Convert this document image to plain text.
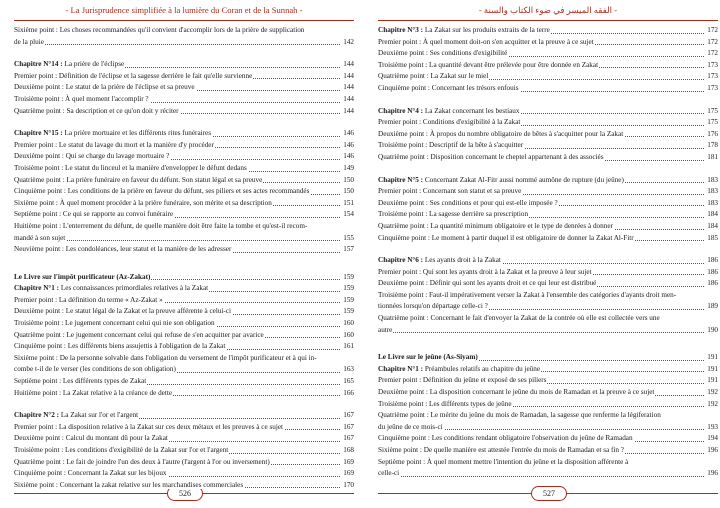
- La Jurisprudence simplifiée à la lumière du Coran et de la Sunnah -
Sixième point : Les choses recommandées qu'il convient d'accomplir lors de la prière de supplication
de la pluie	142
Chapitre N°14 : La prière de l'éclipse	144
Premier point : Définition de l'éclipse et la sagesse derrière le fait qu'elle survienne	144
Deuxième point : Le statut de la prière de l'éclipse et sa preuve	144
Troisième point : À quel moment l'accomplir ?	144
Quatrième point : Sa description et ce qu'on doit y réciter	144
Chapitre N°15 : La prière mortuaire et les différents rites funéraires	146
Premier point : Le statut du lavage du mort et la manière d'y procéder	146
Deuxième point : Qui se charge du lavage mortuaire ?	146
Troisième point : Le statut du linceul et la manière d'envelopper le défunt dedans	149
Quatrième point : La prière funéraire en faveur du défunt. Son statut légal et sa preuve	150
Cinquième point : Les conditions de la prière en faveur du défunt, ses piliers et ses actes recommandés	150
Sixième point : À quel moment procéder à la prière funéraire, son mérite et sa description	151
Septième point : Ce qui se rapporte au convoi funéraire	154
Huitième point : L'enterrement du défunt, de quelle manière doit être faite la tombe et qu'est-il recom-
mandé à son sujet	155
Neuvième point : Les condoléances, leur statut et la manière de les adresser	157
Le Livre sur l'impôt purificateur (Az-Zakat)	159
Chapitre N°1 : Les connaissances primordiales relatives à la Zakat	159
Premier point : La définition du terme « Az-Zakat »	159
Deuxième point : Le statut légal de la Zakat et la preuve afférente à celui-ci	159
Troisième point : Le jugement concernant celui qui nie son obligation	160
Quatrième point : Le jugement concernant celui qui refuse de s'en acquitter par avarice	160
Cinquième point : Les différents biens assujettis à l'obligation de la Zakat	161
Sixième point : De la personne solvable dans l'obligation du versement de l'impôt purificateur et à qui in-
combe t-il de le verser (les conditions de son obligation)	163
Septième point : Les différents types de Zakat	165
Huitième point : La Zakat relative à la créance de dette	166
Chapitre N°2 : La Zakat sur l'or et l'argent	167
Premier point : La disposition relative à la Zakat sur ces deux métaux et les preuves à ce sujet	167
Deuxième point : Calcul du montant dû pour la Zakat	167
Troisième point : Les conditions d'exigibilité de la Zakat sur l'or et l'argent	168
Quatrième point : Le fait de joindre l'un des deux à l'autre (l'argent à l'or ou inversement)	169
Cinquième point : Concernant la Zakat sur les bijoux	169
Sixième point : Concernant la zakat relative sur les marchandises commerciales	170
526
- الفقه الميسر في ضوء الكتاب والسنة -
Chapitre N°3 : La Zakat sur les produits extraits de la terre	172
Premier point : À quel moment doit-on s'en acquitter et la preuve à ce sujet	172
Deuxième point : Ses conditions d'exigibilité	172
Troisième point : La quantité devant être prélevée pour être donnée en Zakat	173
Quatrième point : La Zakat sur le miel	173
Cinquième point : Concernant les trésors enfouis	173
Chapitre N°4 : La Zakat concernant les bestiaux	175
Premier point : Conditions d'exigibilité à la Zakat	175
Deuxième point : À propos du nombre obligatoire de bêtes à s'acquitter pour la Zakat	176
Troisième point : Descriptif de la bête à s'acquitter	178
Quatrième point : Disposition concernant le cheptel appartenant à des associés	181
Chapitre N°5 : Concernant Zakat Al-Fitr aussi nommé aumône de rupture (du jeûne)	183
Premier point : Concernant son statut et sa preuve	183
Deuxième point : Ses conditions et pour qui est-elle imposée ?	183
Troisième point : La sagesse derrière sa prescription	184
Quatrième point : La quantité minimum obligatoire et le type de denrées à donner	184
Cinquième point : Le moment à partir duquel il est obligatoire de donner la Zakat Al-Fitr	185
Chapitre N°6 : Les ayants droit à la Zakat	186
Premier point : Qui sont les ayants droit à la Zakat et la preuve à leur sujet	186
Deuxième point : Définir qui sont les ayants droit et ce qui leur est distribué	186
Troisième point : Faut-il impérativement verser la Zakat à l'ensemble des catégories d'ayants droit men-
tionnées lorsqu'on départage celle-ci ?	189
Quatrième point : Concernant le fait d'envoyer la Zakat de la contrée où elle est collectée vers une
autre	190
Le Livre sur le jeûne (As-Siyam)	191
Chapitre N°1 : Préambules relatifs au chapitre du jeûne	191
Premier point : Définition du jeûne et exposé de ses piliers	191
Deuxième point : La disposition concernant le jeûne du mois de Ramadan et la preuve à ce sujet	192
Troisième point : Les différents types de jeûne	192
Quatrième point : Le mérite du jeûne du mois de Ramadan, la sagesse que renferme la légiferation
du jeûne de ce mois-ci	193
Cinquième point : Les conditions rendant obligatoire l'observation du jeûne de Ramadan	194
Sixième point : De quelle manière est attestée l'entrée du mois de Ramadan et sa fin ?	196
Septième point : À quel moment mettre l'intention du jeûne et la disposition afférente à
celle-ci	196
527
